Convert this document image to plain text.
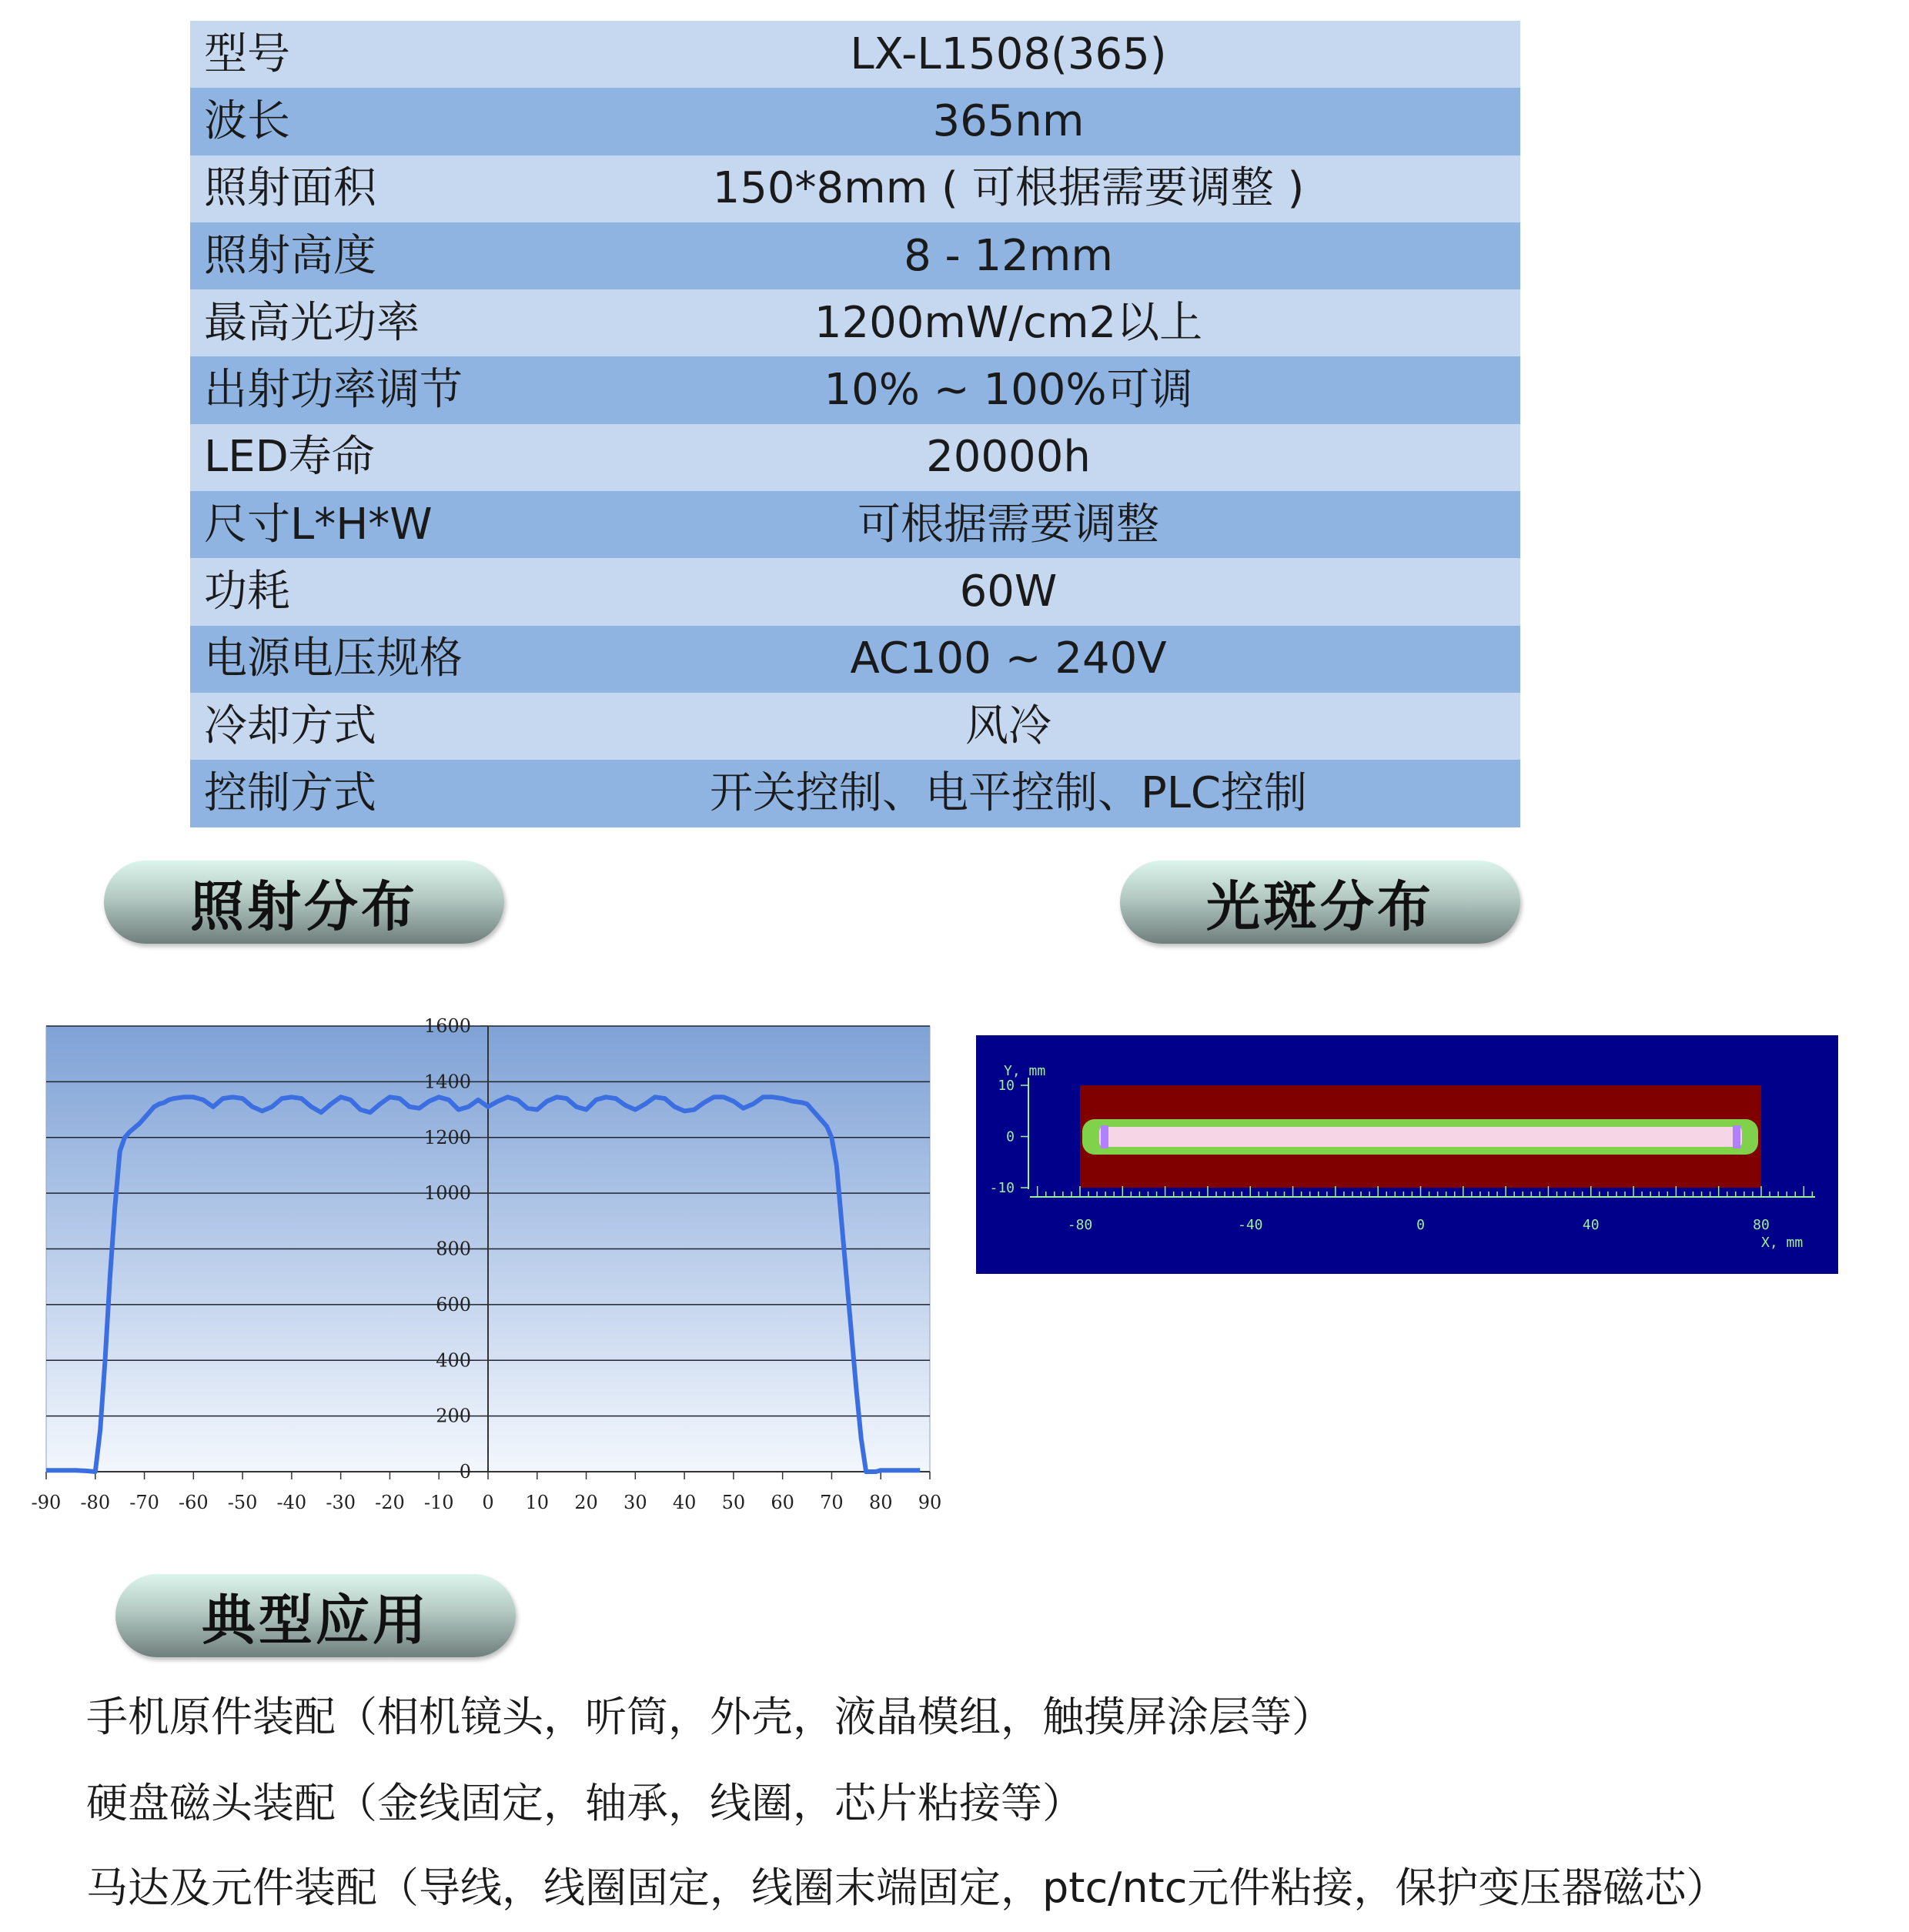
型号	LX-L1508(365)
波长	365nm
照射面积	150*8mm ( 可根据需要调整 )
照射高度	8 - 12mm
最高光功率	1200mW/cm2以上
出射功率调节	10% ~ 100%可调
LED寿命	20000h
尺寸L*H*W	可根据需要调整
功耗	60W
电源电压规格	AC100 ~ 240V
冷却方式	风冷
控制方式	开关控制、电平控制、PLC控制
照射分布	光斑分布
-90 -80 -70 -60 -50 -40 -30 -20 -10 0 10 20 30 40 50 60 70 80 90
0
200
400
600
800
1000
1200
1400
1600
Y, mm
X, mm
-80	-40	0	40	80
10
0
-10
典型应用
手机原件装配（相机镜头，听筒，外壳，液晶模组，触摸屏涂层等）
硬盘磁头装配（金线固定，轴承，线圈，芯片粘接等）
马达及元件装配（导线，线圈固定，线圈末端固定，ptc/ntc元件粘接，保护变压器磁芯）
